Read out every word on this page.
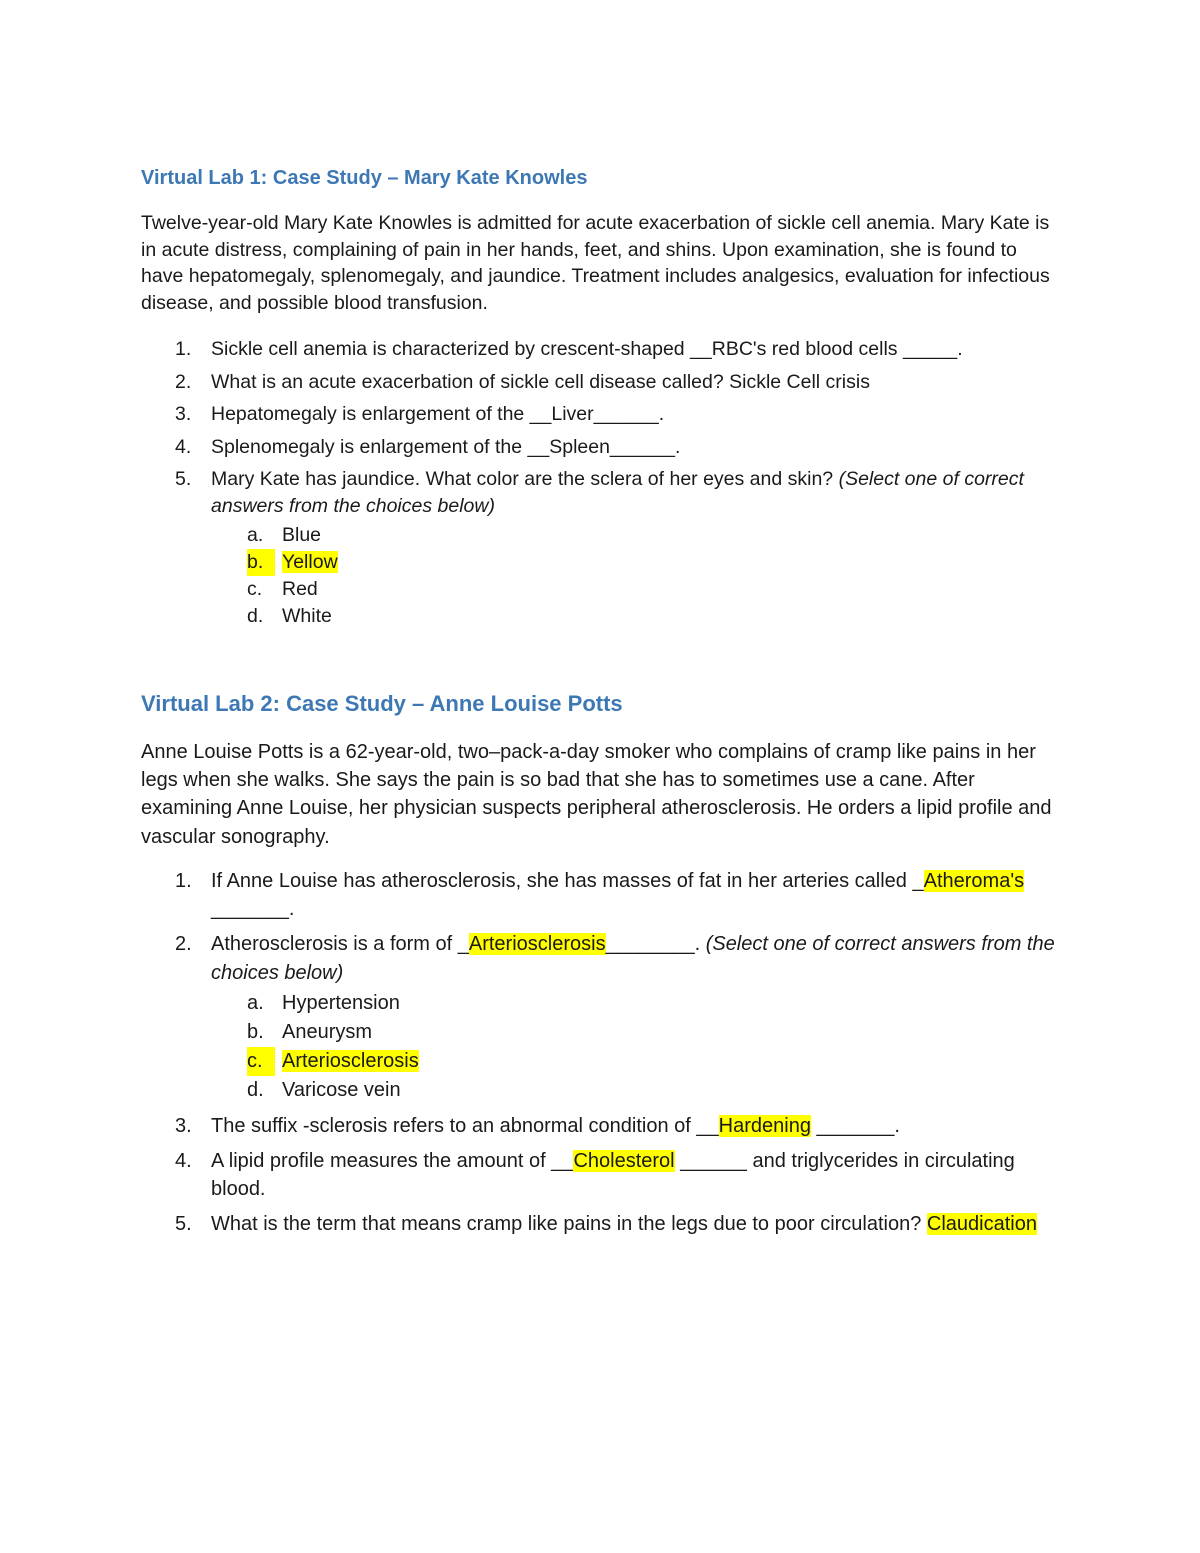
Virtual Lab 1: Case Study – Mary Kate Knowles

Twelve-year-old Mary Kate Knowles is admitted for acute exacerbation of sickle cell anemia. Mary Kate is in acute distress, complaining of pain in her hands, feet, and shins. Upon examination, she is found to have hepatomegaly, splenomegaly, and jaundice. Treatment includes analgesics, evaluation for infectious disease, and possible blood transfusion.

1. Sickle cell anemia is characterized by crescent-shaped __RBC's red blood cells _____.
2. What is an acute exacerbation of sickle cell disease called? Sickle Cell crisis
3. Hepatomegaly is enlargement of the __Liver______.
4. Splenomegaly is enlargement of the __Spleen______.
5. Mary Kate has jaundice. What color are the sclera of her eyes and skin? (Select one of correct answers from the choices below)
a. Blue
b. Yellow
c. Red
d. White
Virtual Lab 2: Case Study – Anne Louise Potts

Anne Louise Potts is a 62-year-old, two–pack-a-day smoker who complains of cramp like pains in her legs when she walks. She says the pain is so bad that she has to sometimes use a cane. After examining Anne Louise, her physician suspects peripheral atherosclerosis. He orders a lipid profile and vascular sonography.

1. If Anne Louise has atherosclerosis, she has masses of fat in her arteries called _Atheroma's _______.
2. Atherosclerosis is a form of _Arteriosclerosis________. (Select one of correct answers from the choices below)
a. Hypertension
b. Aneurysm
c. Arteriosclerosis
d. Varicose vein
3. The suffix -sclerosis refers to an abnormal condition of __Hardening _______.
4. A lipid profile measures the amount of __Cholesterol ______ and triglycerides in circulating blood.
5. What is the term that means cramp like pains in the legs due to poor circulation? Claudication
